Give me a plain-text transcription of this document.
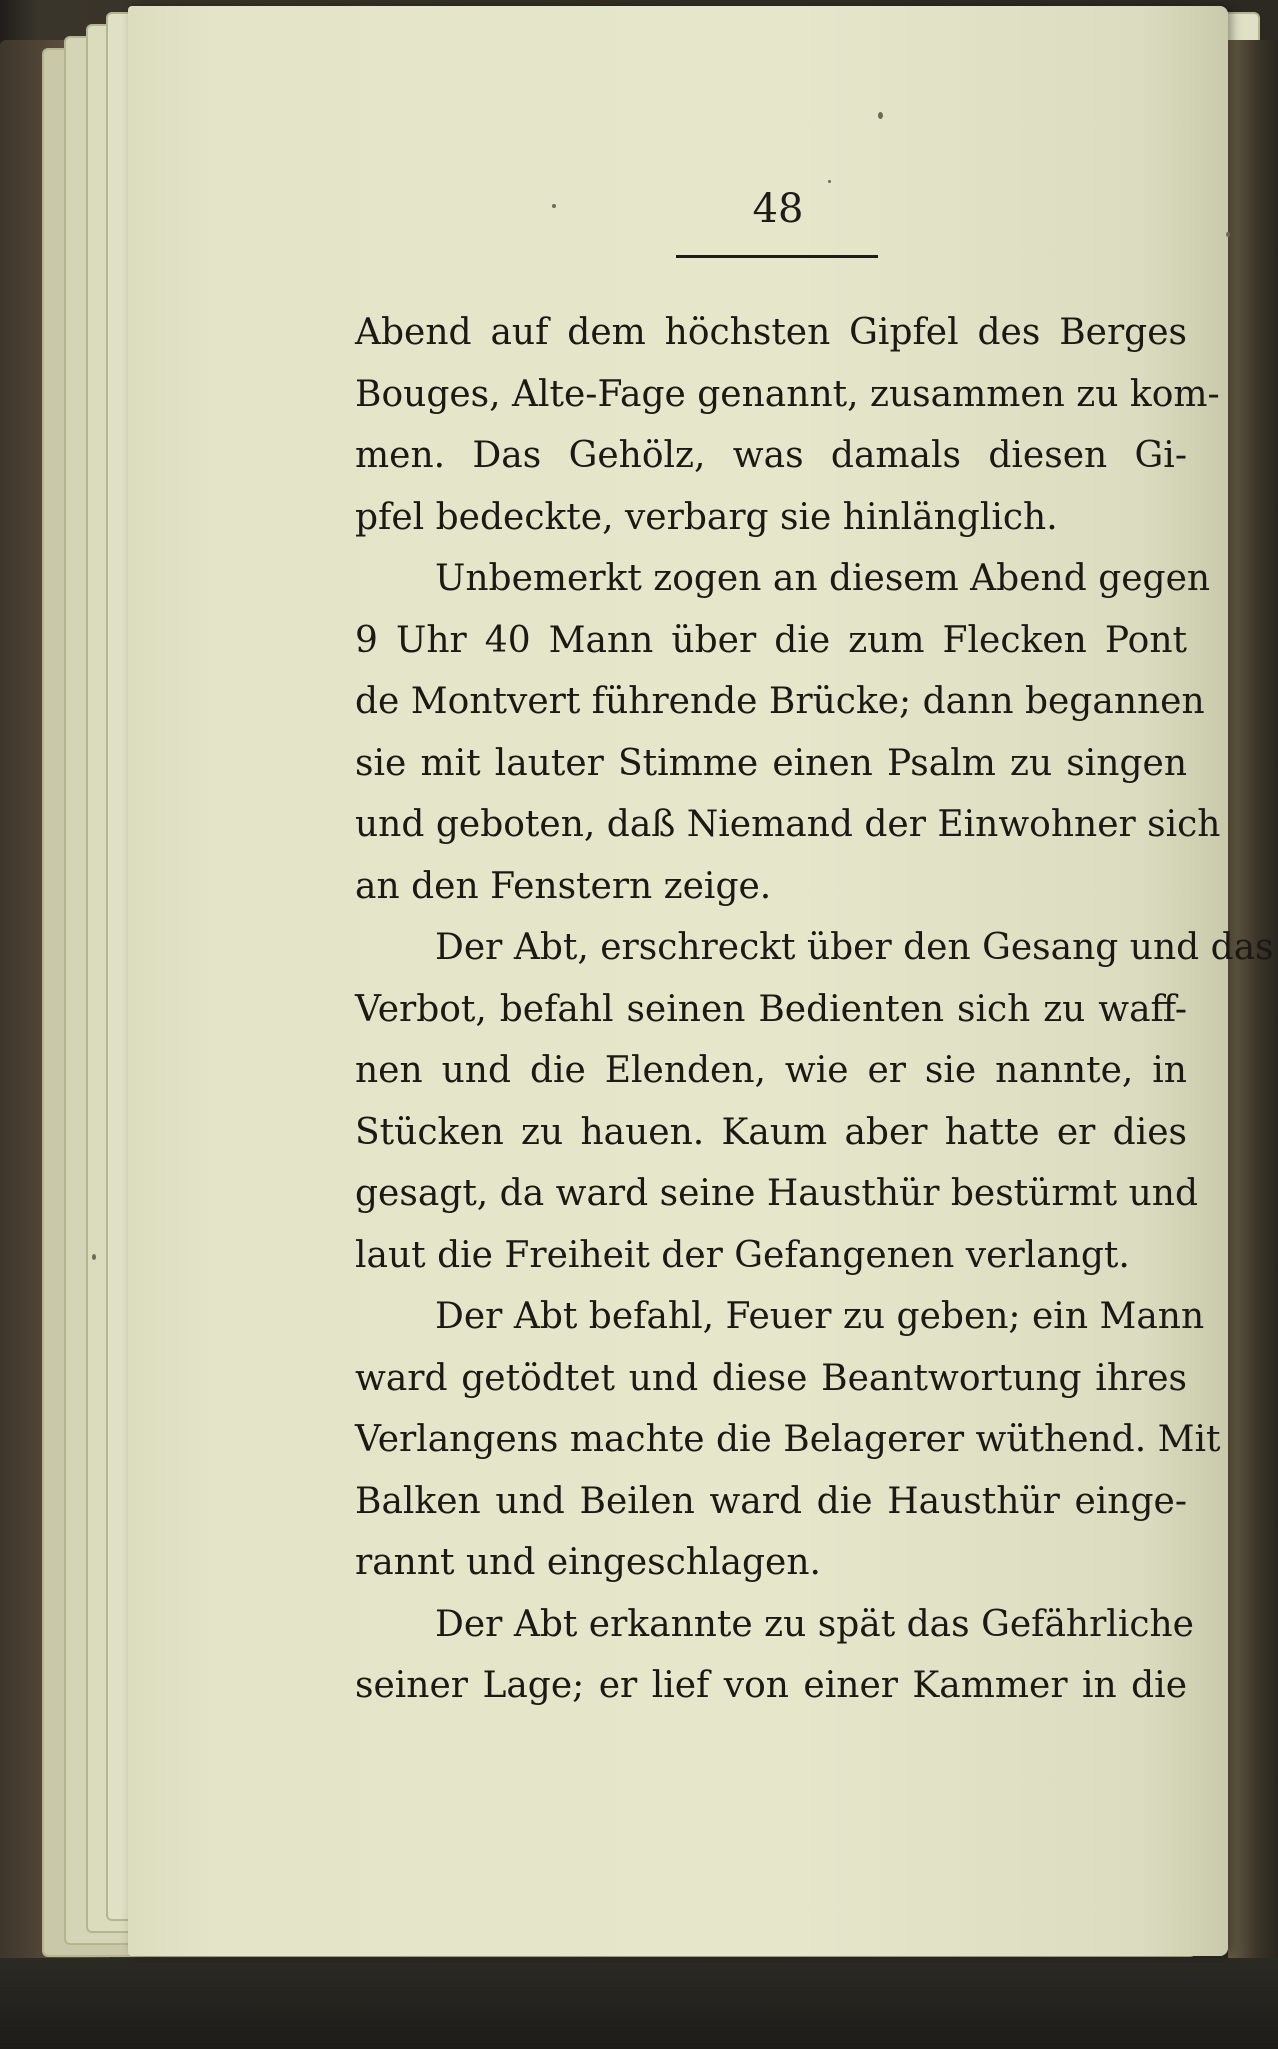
48
Abend auf dem höchsten Gipfel des Berges
Bouges, Alte-Fage genannt, zusammen zu kom-
men. Das Gehölz, was damals diesen Gi-
pfel bedeckte, verbarg sie hinlänglich.
Unbemerkt zogen an diesem Abend gegen
9 Uhr 40 Mann über die zum Flecken Pont
de Montvert führende Brücke; dann begannen
sie mit lauter Stimme einen Psalm zu singen
und geboten, daß Niemand der Einwohner sich
an den Fenstern zeige.
Der Abt, erschreckt über den Gesang und das
Verbot, befahl seinen Bedienten sich zu waff-
nen und die Elenden, wie er sie nannte, in
Stücken zu hauen. Kaum aber hatte er dies
gesagt, da ward seine Hausthür bestürmt und
laut die Freiheit der Gefangenen verlangt.
Der Abt befahl, Feuer zu geben; ein Mann
ward getödtet und diese Beantwortung ihres
Verlangens machte die Belagerer wüthend. Mit
Balken und Beilen ward die Hausthür einge-
rannt und eingeschlagen.
Der Abt erkannte zu spät das Gefährliche
seiner Lage; er lief von einer Kammer in die
